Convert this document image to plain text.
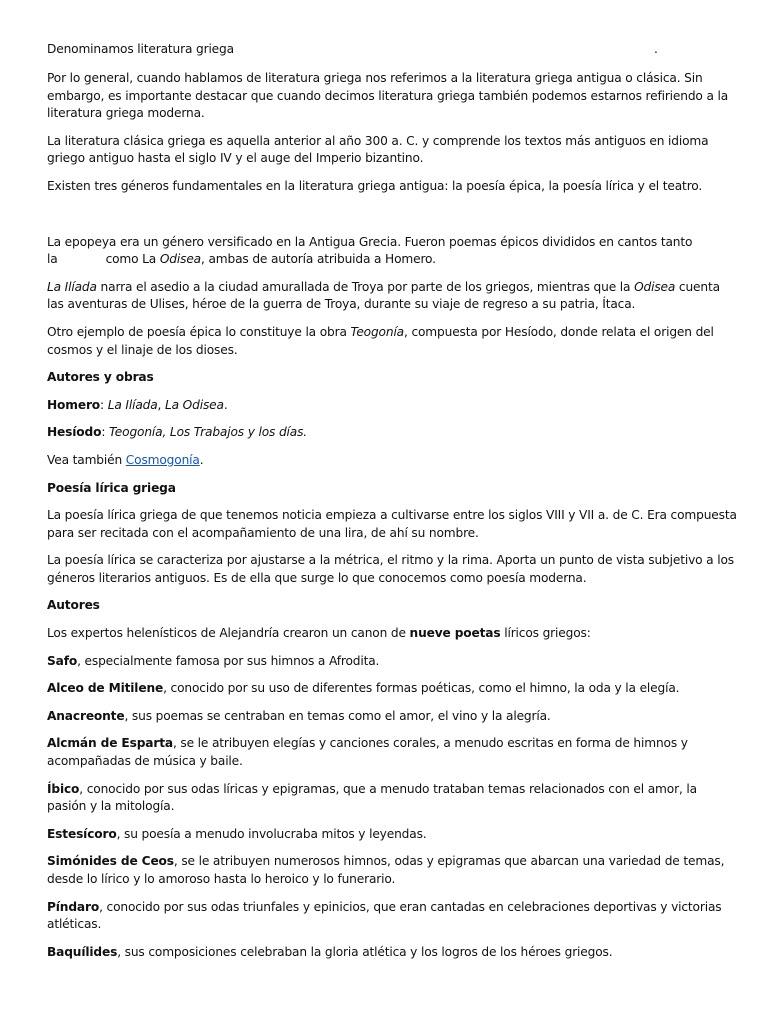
Denominamos literatura griega	.

Por lo general, cuando hablamos de literatura griega nos referimos a la literatura griega antigua o clásica. Sin embargo, es importante destacar que cuando decimos literatura griega también podemos estarnos refiriendo a la literatura griega moderna.

La literatura clásica griega es aquella anterior al año 300 a. C. y comprende los textos más antiguos en idioma griego antiguo hasta el siglo IV y el auge del Imperio bizantino.

Existen tres géneros fundamentales en la literatura griega antigua: la poesía épica, la poesía lírica y el teatro.

La epopeya era un género versificado en la Antigua Grecia. Fueron poemas épicos divididos en cantos tanto
la	como La Odisea, ambas de autoría atribuida a Homero.

La Ilíada narra el asedio a la ciudad amurallada de Troya por parte de los griegos, mientras que la Odisea cuenta las aventuras de Ulises, héroe de la guerra de Troya, durante su viaje de regreso a su patria, Ítaca.

Otro ejemplo de poesía épica lo constituye la obra Teogonía, compuesta por Hesíodo, donde relata el origen del cosmos y el linaje de los dioses.

Autores y obras

Homero: La Ilíada, La Odisea.

Hesíodo: Teogonía, Los Trabajos y los días.

Vea también Cosmogonía.

Poesía lírica griega

La poesía lírica griega de que tenemos noticia empieza a cultivarse entre los siglos VIII y VII a. de C. Era compuesta para ser recitada con el acompañamiento de una lira, de ahí su nombre.

La poesía lírica se caracteriza por ajustarse a la métrica, el ritmo y la rima. Aporta un punto de vista subjetivo a los géneros literarios antiguos. Es de ella que surge lo que conocemos como poesía moderna.

Autores

Los expertos helenísticos de Alejandría crearon un canon de nueve poetas líricos griegos:

Safo, especialmente famosa por sus himnos a Afrodita.

Alceo de Mitilene, conocido por su uso de diferentes formas poéticas, como el himno, la oda y la elegía.

Anacreonte, sus poemas se centraban en temas como el amor, el vino y la alegría.

Alcmán de Esparta, se le atribuyen elegías y canciones corales, a menudo escritas en forma de himnos y acompañadas de música y baile.

Íbico, conocido por sus odas líricas y epigramas, que a menudo trataban temas relacionados con el amor, la pasión y la mitología.

Estesícoro, su poesía a menudo involucraba mitos y leyendas.

Simónides de Ceos, se le atribuyen numerosos himnos, odas y epigramas que abarcan una variedad de temas, desde lo lírico y lo amoroso hasta lo heroico y lo funerario.

Píndaro, conocido por sus odas triunfales y epinicios, que eran cantadas en celebraciones deportivas y victorias atléticas.

Baquílides, sus composiciones celebraban la gloria atlética y los logros de los héroes griegos.
